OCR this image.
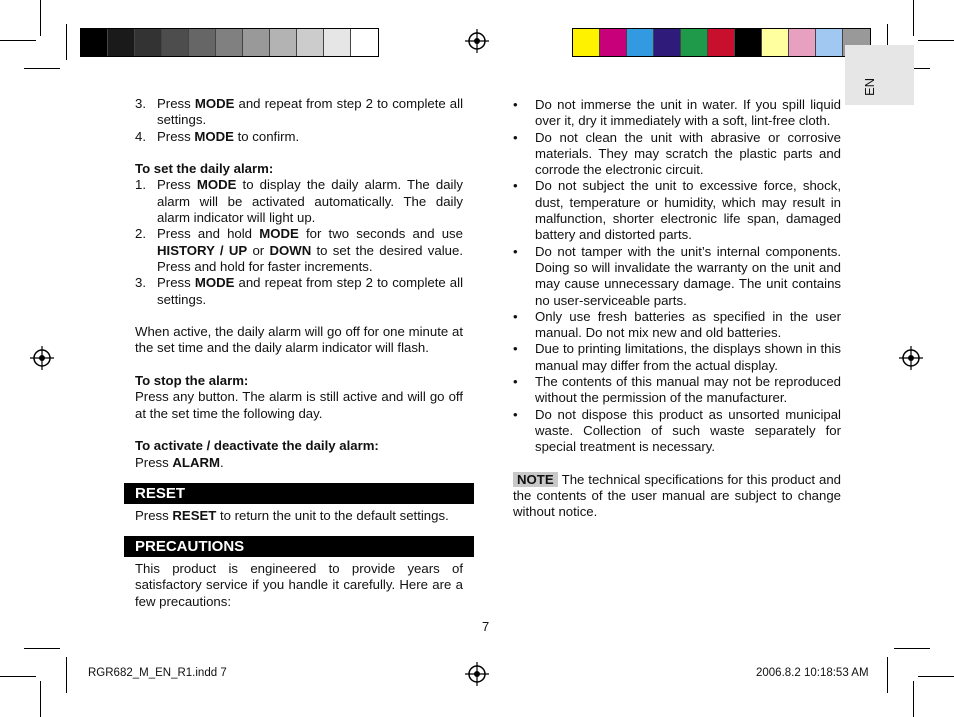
EN
3. Press MODE and repeat from step 2 to complete all settings.
4. Press MODE to confirm.

To set the daily alarm:

1. Press MODE to display the daily alarm. The daily alarm will be activated automatically. The daily alarm indicator will light up.
2. Press and hold MODE for two seconds and use HISTORY / UP or DOWN to set the desired value. Press and hold for faster increments.
3. Press MODE and repeat from step 2 to complete all settings.

When active, the daily alarm will go off for one minute at the set time and the daily alarm indicator will flash.

To stop the alarm:

Press any button. The alarm is still active and will go off at the set time the following day.

To activate / deactivate the daily alarm:

Press ALARM.

RESET

Press RESET to return the unit to the default settings.

PRECAUTIONS

This product is engineered to provide years of satisfactory service if you handle it carefully. Here are a few precautions:

•	Do not immerse the unit in water. If you spill liquid over it, dry it immediately with a soft, lint-free cloth.
•	Do not clean the unit with abrasive or corrosive materials. They may scratch the plastic parts and corrode the electronic circuit.
•	Do not subject the unit to excessive force, shock, dust, temperature or humidity, which may result in malfunction, shorter electronic life span, damaged battery and distorted parts.
•	Do not tamper with the unit’s internal components. Doing so will invalidate the warranty on the unit and may cause unnecessary damage. The unit contains no user-serviceable parts.
•	Only use fresh batteries as specified in the user manual. Do not mix new and old batteries.
•	Due to printing limitations, the displays shown in this manual may differ from the actual display.
•	The contents of this manual may not be reproduced without the permission of the manufacturer.
•	Do not dispose this product as unsorted municipal waste. Collection of such waste separately for special treatment is necessary.

NOTE The technical specifications for this product and the contents of the user manual are subject to change without notice.

7
RGR682_M_EN_R1.indd 7	2006.8.2 10:18:53 AM
